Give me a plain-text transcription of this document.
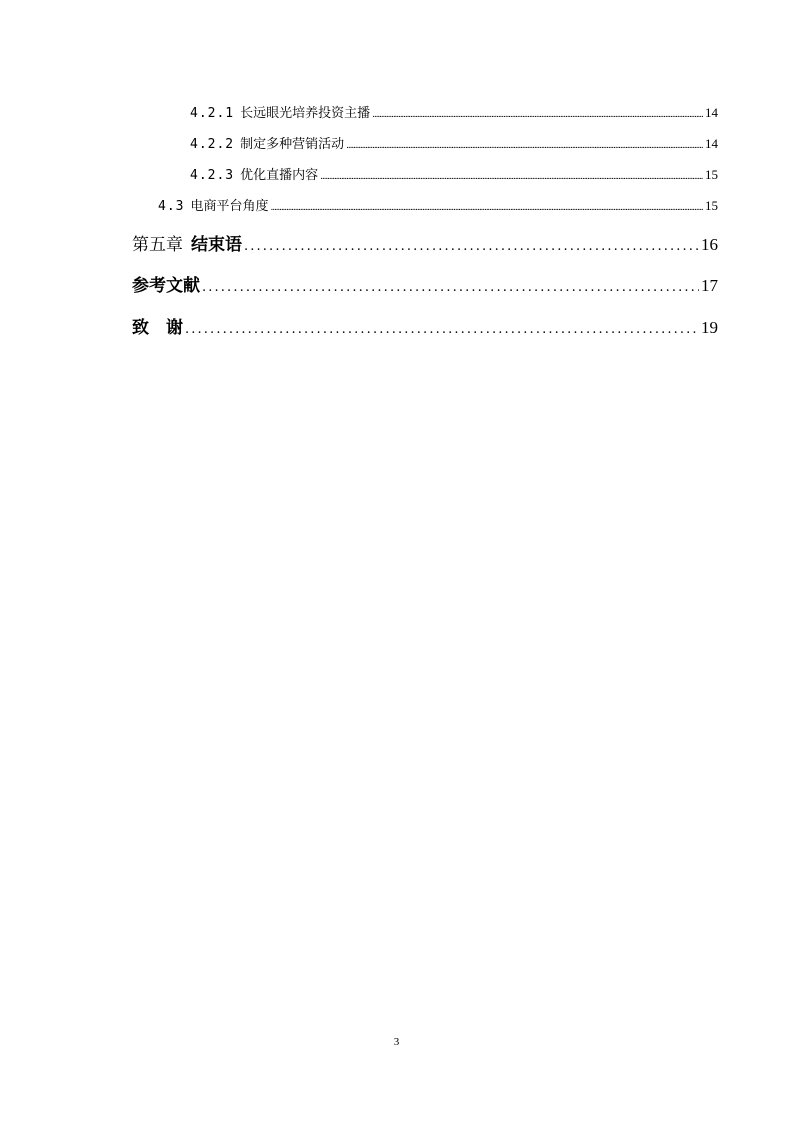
4.2.1 长远眼光培养投资主播 . . .	14
4.2.2 制定多种营销活动 . . .	14
4.2.3 优化直播内容 . . .	15
4.3 电商平台角度 . . .	15
第五章 结束语 . . .	16
参考文献 . . .	17
致　谢 . . .	19
3
